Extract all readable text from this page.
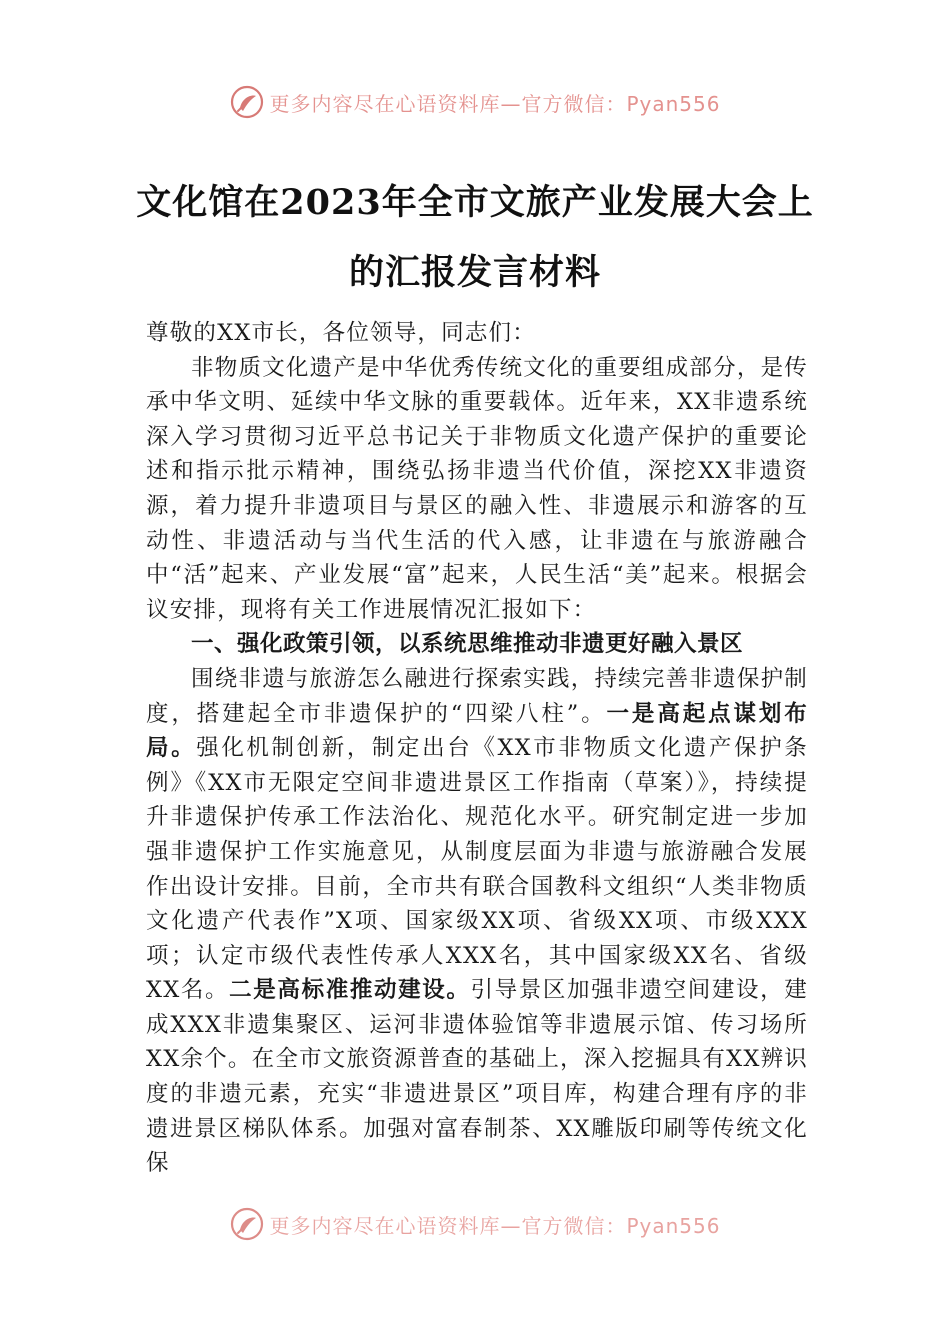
更多内容尽在心语资料库—官方微信：Pyan556
文化馆在2023年全市文旅产业发展大会上
的汇报发言材料

尊敬的XX市长，各位领导，同志们：

非物质文化遗产是中华优秀传统文化的重要组成部分，是传承中华文明、延续中华文脉的重要载体。近年来，XX非遗系统深入学习贯彻习近平总书记关于非物质文化遗产保护的重要论述和指示批示精神，围绕弘扬非遗当代价值，深挖XX非遗资源，着力提升非遗项目与景区的融入性、非遗展示和游客的互动性、非遗活动与当代生活的代入感，让非遗在与旅游融合中“活”起来、产业发展“富”起来，人民生活“美”起来。根据会议安排，现将有关工作进展情况汇报如下：

一、强化政策引领，以系统思维推动非遗更好融入景区

围绕非遗与旅游怎么融进行探索实践，持续完善非遗保护制度，搭建起全市非遗保护的“四梁八柱”。一是高起点谋划布局。强化机制创新，制定出台《XX市非物质文化遗产保护条例》《XX市无限定空间非遗进景区工作指南（草案）》，持续提升非遗保护传承工作法治化、规范化水平。研究制定进一步加强非遗保护工作实施意见，从制度层面为非遗与旅游融合发展作出设计安排。目前，全市共有联合国教科文组织“人类非物质文化遗产代表作”X项、国家级XX项、省级XX项、市级XXX项；认定市级代表性传承人XXX名，其中国家级XX名、省级XX名。二是高标准推动建设。引导景区加强非遗空间建设，建成XXX非遗集聚区、运河非遗体验馆等非遗展示馆、传习场所XX余个。在全市文旅资源普查的基础上，深入挖掘具有XX辨识度的非遗元素，充实“非遗进景区”项目库，构建合理有序的非遗进景区梯队体系。加强对富春制茶、XX雕版印刷等传统文化保

更多内容尽在心语资料库—官方微信：Pyan556
